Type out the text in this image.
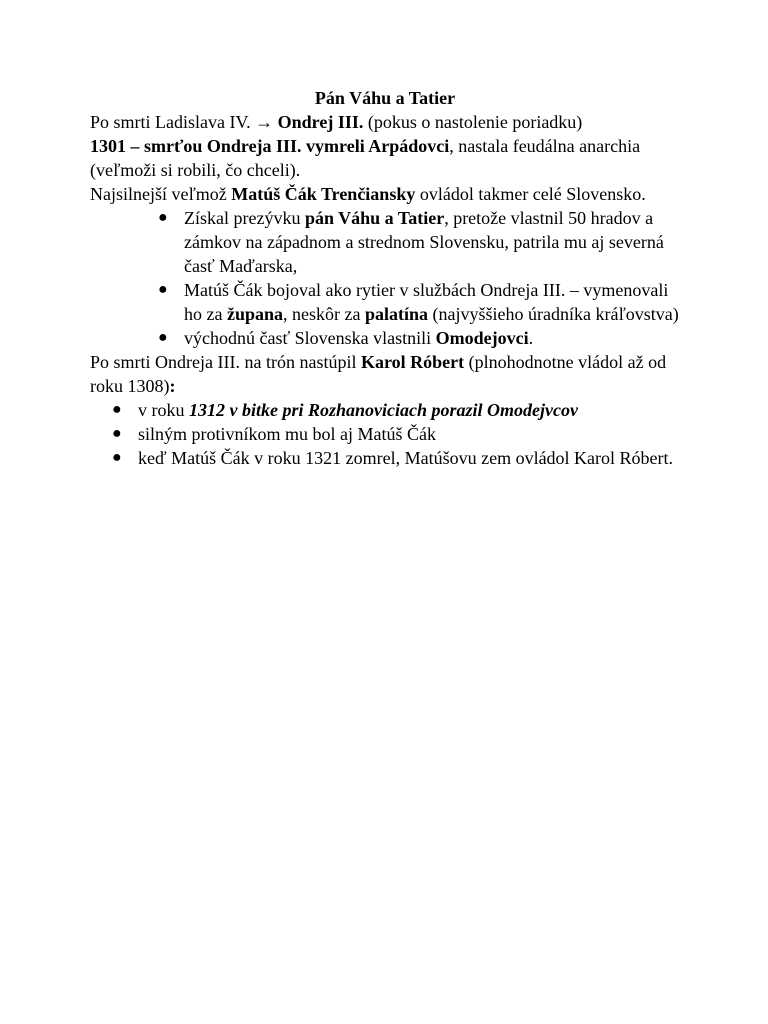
Pán Váhu a Tatier

Po smrti Ladislava IV. → Ondrej III. (pokus o nastolenie poriadku)

1301 – smrťou Ondreja III. vymreli Arpádovci, nastala feudálna anarchia (veľmoži si robili, čo chceli).

Najsilnejší veľmož Matúš Čák Trenčiansky ovládol takmer celé Slovensko.

● Získal prezývku pán Váhu a Tatier, pretože vlastnil 50 hradov a zámkov na západnom a strednom Slovensku, patrila mu aj severná časť Maďarska,
● Matúš Čák bojoval ako rytier v službách Ondreja III. – vymenovali ho za župana, neskôr za palatína (najvyššieho úradníka kráľovstva)
● východnú časť Slovenska vlastnili Omodejovci.

Po smrti Ondreja III. na trón nastúpil Karol Róbert (plnohodnotne vládol až od roku 1308):

● v roku 1312 v bitke pri Rozhanoviciach porazil Omodejvcov
● silným protivníkom mu bol aj Matúš Čák
● keď Matúš Čák v roku 1321 zomrel, Matúšovu zem ovládol Karol Róbert.
